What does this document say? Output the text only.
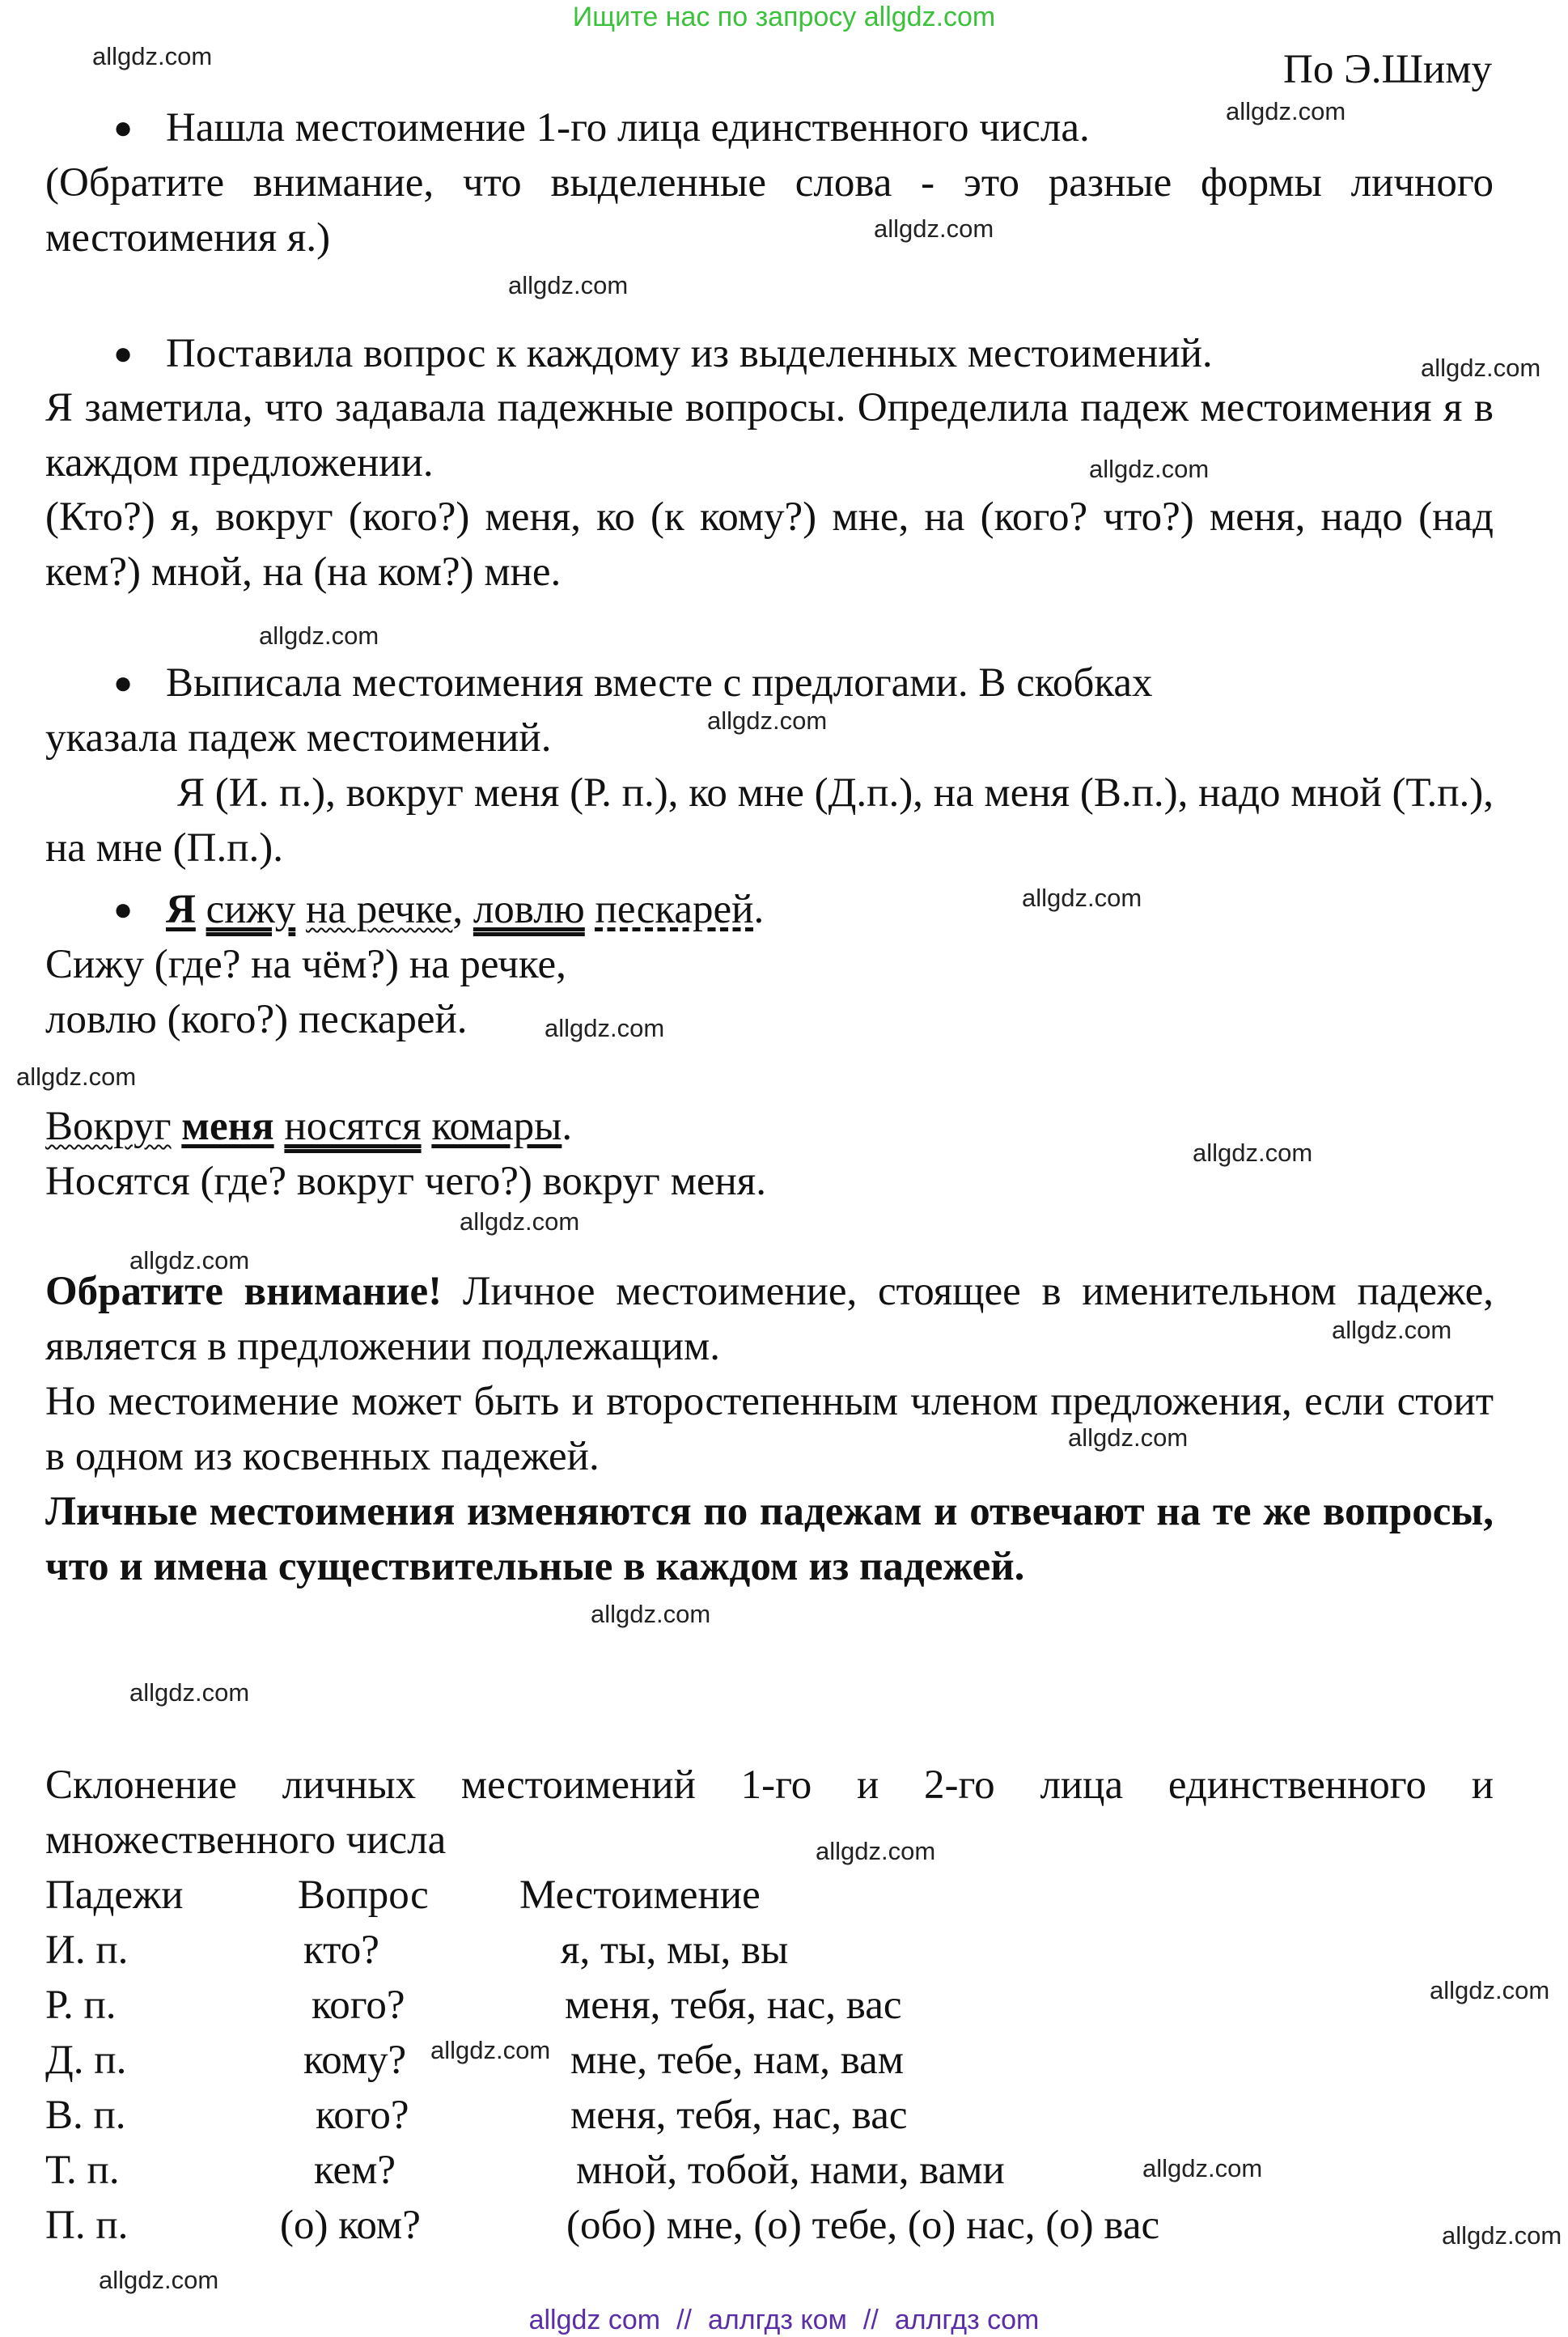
Ищите нас по запросу allgdz.com
По Э.Шиму
● Нашла местоимение 1-го лица единственного числа.
(Обратите внимание, что выделенные слова - это разные формы личного местоимения я.)
● Поставила вопрос к каждому из выделенных местоимений.
Я заметила, что задавала падежные вопросы. Определила падеж местоимения я в каждом предложении.
(Кто?) я, вокруг (кого?) меня, ко (к кому?) мне, на (кого? что?) меня, надо (над кем?) мной, на (на ком?) мне.
● Выписала местоимения вместе с предлогами. В скобках
указала падеж местоимений.
Я (И. п.), вокруг меня (Р. п.), ко мне (Д.п.), на меня (В.п.), надо мной (Т.п.), на мне (П.п.).
● Я сижу на речке, ловлю пескарей.
Сижу (где? на чём?) на речке,
ловлю (кого?) пескарей.
Вокруг меня носятся комары.
Носятся (где? вокруг чего?) вокруг меня.
Обратите внимание! Личное местоимение, стоящее в именительном падеже, является в предложении подлежащим.
Но местоимение может быть и второстепенным членом предложения, если стоит в одном из косвенных падежей.
Личные местоимения изменяются по падежам и отвечают на те же вопросы, что и имена существительные в каждом из падежей.
Склонение личных местоимений 1-го и 2-го лица единственного и множественного числа
Падежи	Вопрос Местоимение
И. п.	кто?	я, ты, мы, вы
Р. п.	кого?	меня, тебя, нас, вас
Д. п.	кому?	мне, тебе, нам, вам
В. п.	кого?	меня, тебя, нас, вас
Т. п.	кем?	мной, тобой, нами, вами
П. п.	(о) ком?	(обо) мне, (о) тебе, (о) нас, (о) вас
allgdz.com
allgdz.com
allgdz.com
allgdz.com
allgdz.com
allgdz.com
allgdz.com
allgdz.com
allgdz.com
allgdz.com
allgdz.com
allgdz.com
allgdz.com
allgdz.com
allgdz.com
allgdz.com
allgdz.com
allgdz.com
allgdz.com
allgdz.com
allgdz.com
allgdz.com
allgdz.com
allgdz.com
allgdz com // аллгдз ком // аллгдз com
